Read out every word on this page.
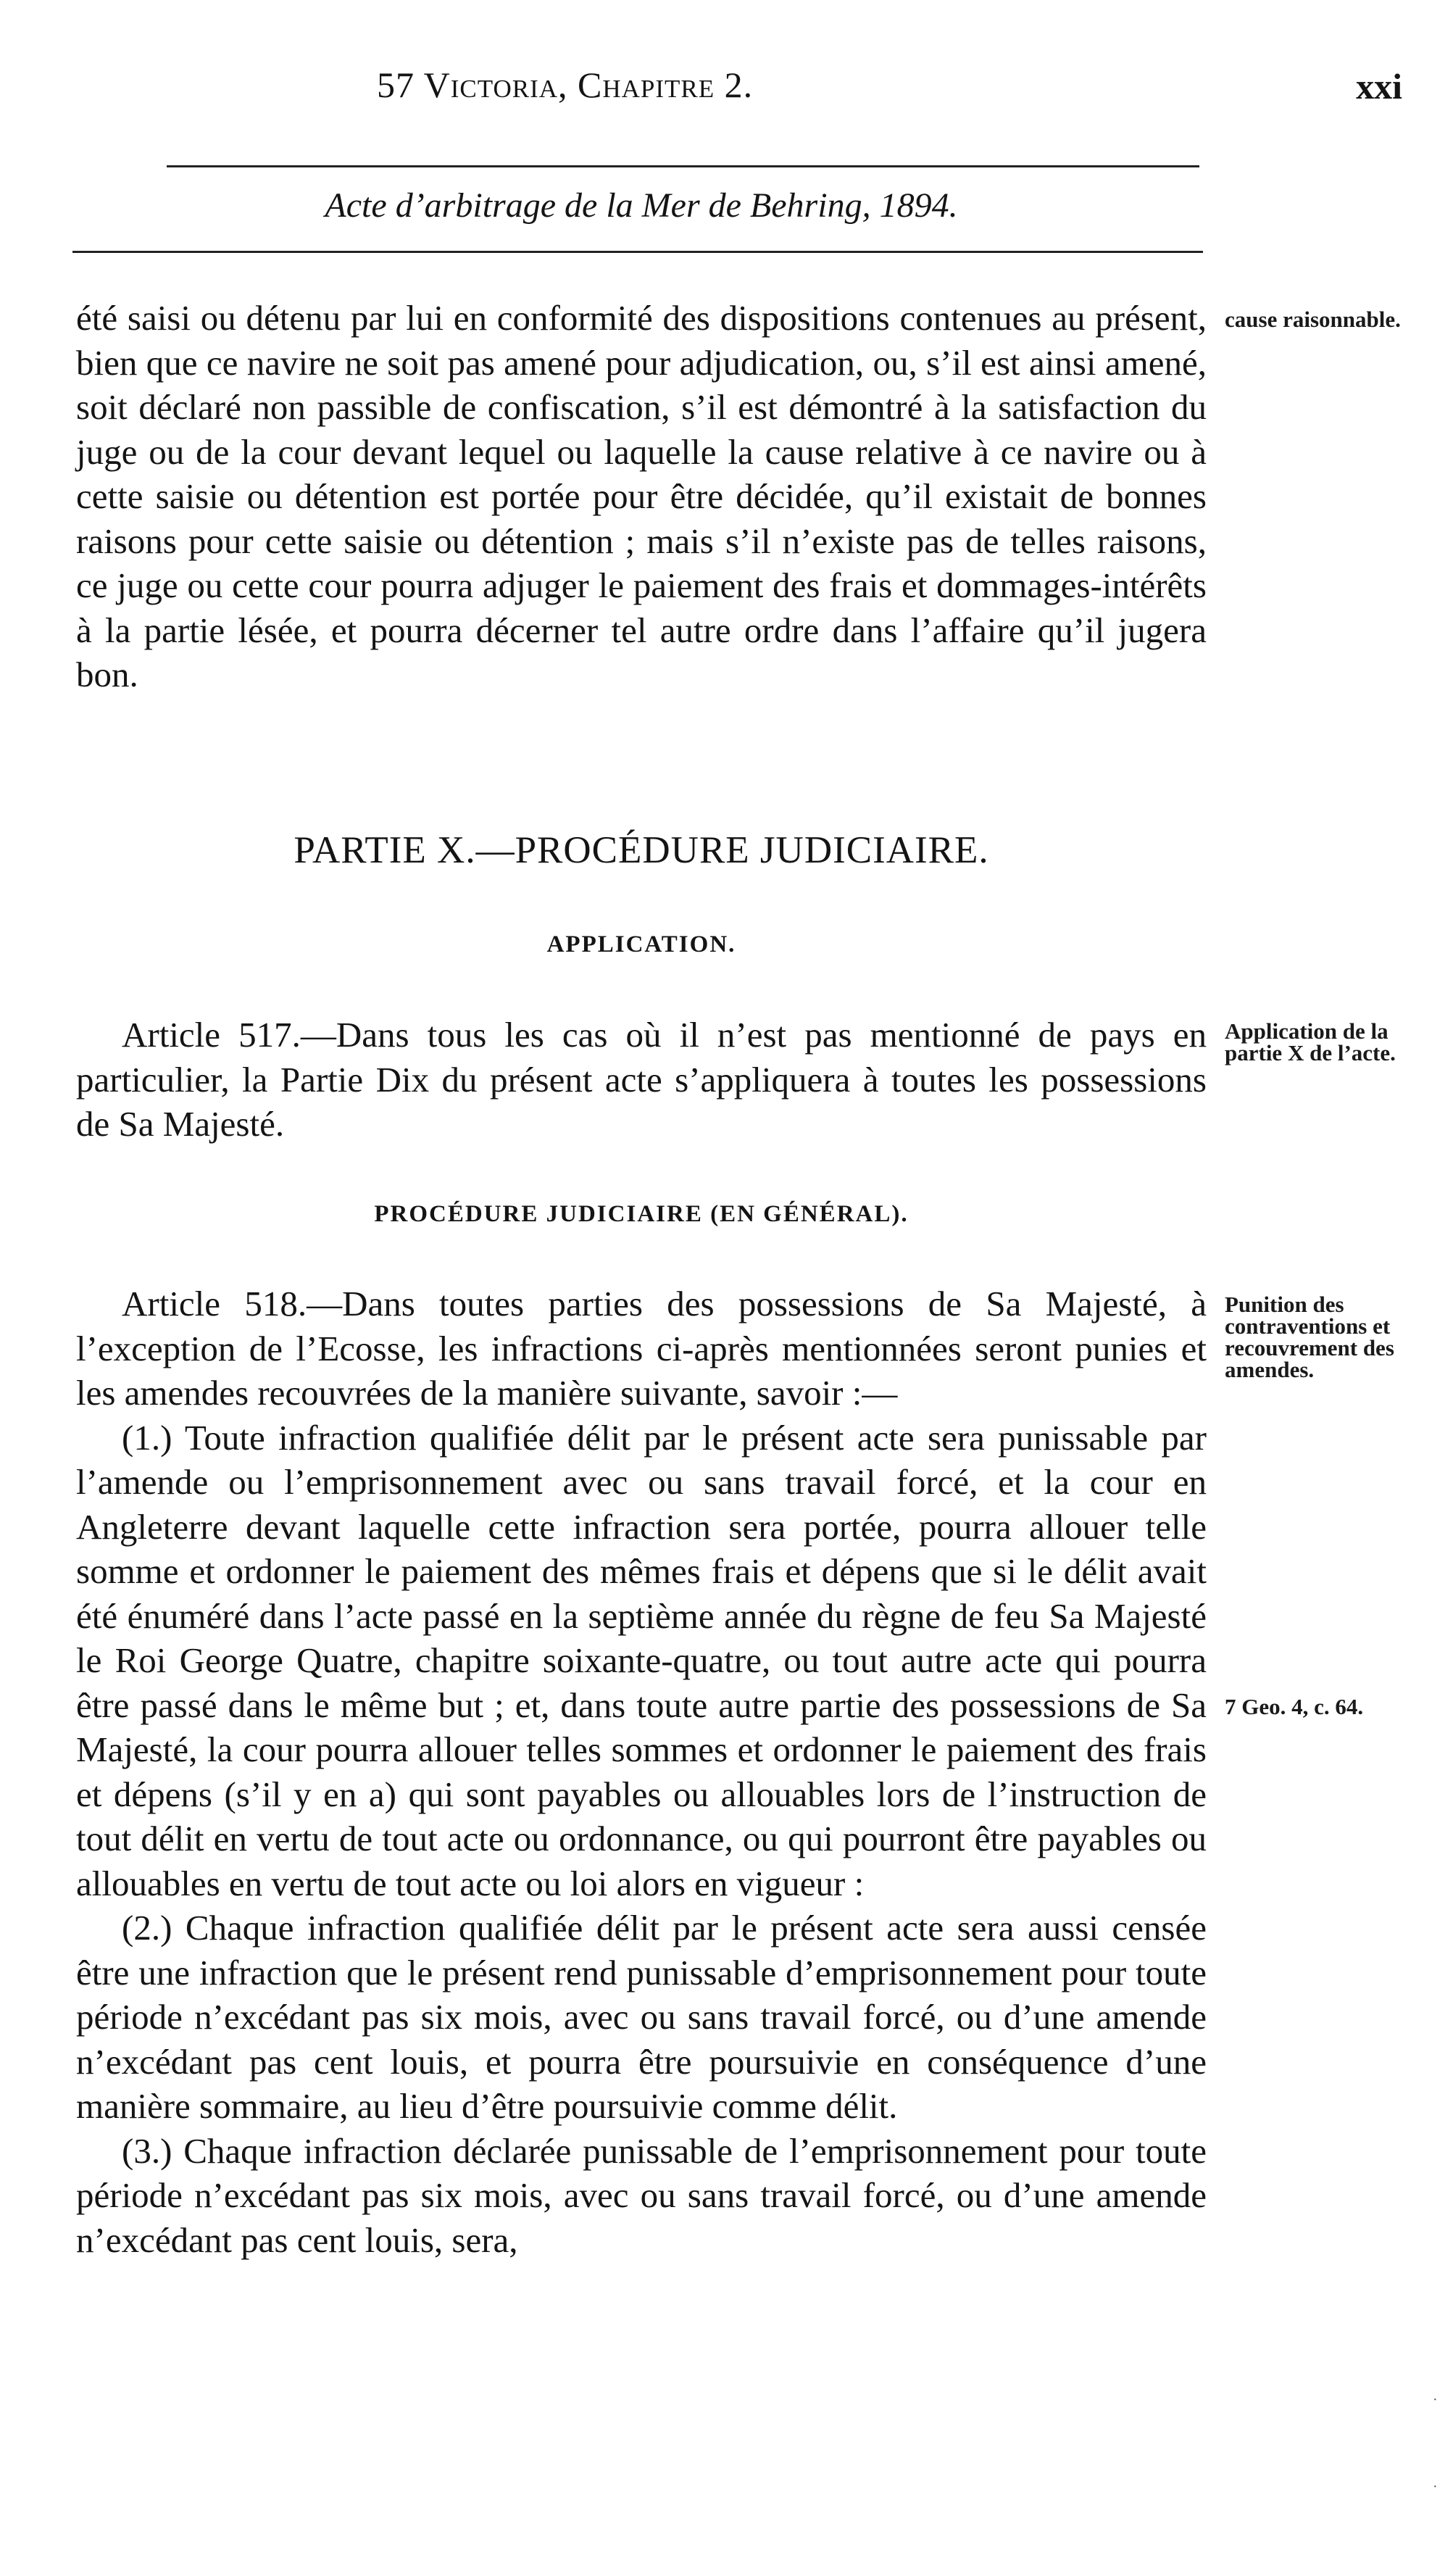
57 Victoria, Chapitre 2.	xxi
Acte d’arbitrage de la Mer de Behring, 1894.

été saisi ou détenu par lui en conformité des dispositions contenues au présent, bien que ce navire ne soit pas amené pour adjudication, ou, s’il est ainsi amené, soit déclaré non passible de confiscation, s’il est démontré à la satisfaction du juge ou de la cour devant lequel ou laquelle la cause relative à ce navire ou à cette saisie ou détention est portée pour être décidée, qu’il existait de bonnes raisons pour cette saisie ou détention ; mais s’il n’existe pas de telles raisons, ce juge ou cette cour pourra adjuger le paiement des frais et dommages-intérêts à la partie lésée, et pourra décerner tel autre ordre dans l’affaire qu’il jugera bon.

PARTIE X.—PROCÉDURE JUDICIAIRE.
APPLICATION.

Article 517.—Dans tous les cas où il n’est pas mentionné de pays en particulier, la Partie Dix du présent acte s’appliquera à toutes les possessions de Sa Majesté.

PROCÉDURE JUDICIAIRE (EN GÉNÉRAL).

Article 518.—Dans toutes parties des possessions de Sa Majesté, à l’exception de l’Ecosse, les infractions ci-après mentionnées seront punies et les amendes recouvrées de la manière suivante, savoir :—

(1.) Toute infraction qualifiée délit par le présent acte sera punissable par l’amende ou l’emprisonnement avec ou sans travail forcé, et la cour en Angleterre devant laquelle cette infraction sera portée, pourra allouer telle somme et ordonner le paiement des mêmes frais et dépens que si le délit avait été énuméré dans l’acte passé en la septième année du règne de feu Sa Majesté le Roi George Quatre, chapitre soixante-quatre, ou tout autre acte qui pourra être passé dans le même but ; et, dans toute autre partie des possessions de Sa Majesté, la cour pourra allouer telles sommes et ordonner le paiement des frais et dépens (s’il y en a) qui sont payables ou allouables lors de l’instruction de tout délit en vertu de tout acte ou ordonnance, ou qui pourront être payables ou allouables en vertu de tout acte ou loi alors en vigueur :

(2.) Chaque infraction qualifiée délit par le présent acte sera aussi censée être une infraction que le présent rend punissable d’emprisonnement pour toute période n’excédant pas six mois, avec ou sans travail forcé, ou d’une amende n’excédant pas cent louis, et pourra être poursuivie en conséquence d’une manière sommaire, au lieu d’être poursuivie comme délit.

(3.) Chaque infraction déclarée punissable de l’emprisonnement pour toute période n’excédant pas six mois, avec ou sans travail forcé, ou d’une amende n’excédant pas cent louis, sera,

cause raisonnable.
Application de la partie X de l’acte.
Punition des contraventions et recouvrement des amendes.
7 Geo. 4, c. 64.
·
·
